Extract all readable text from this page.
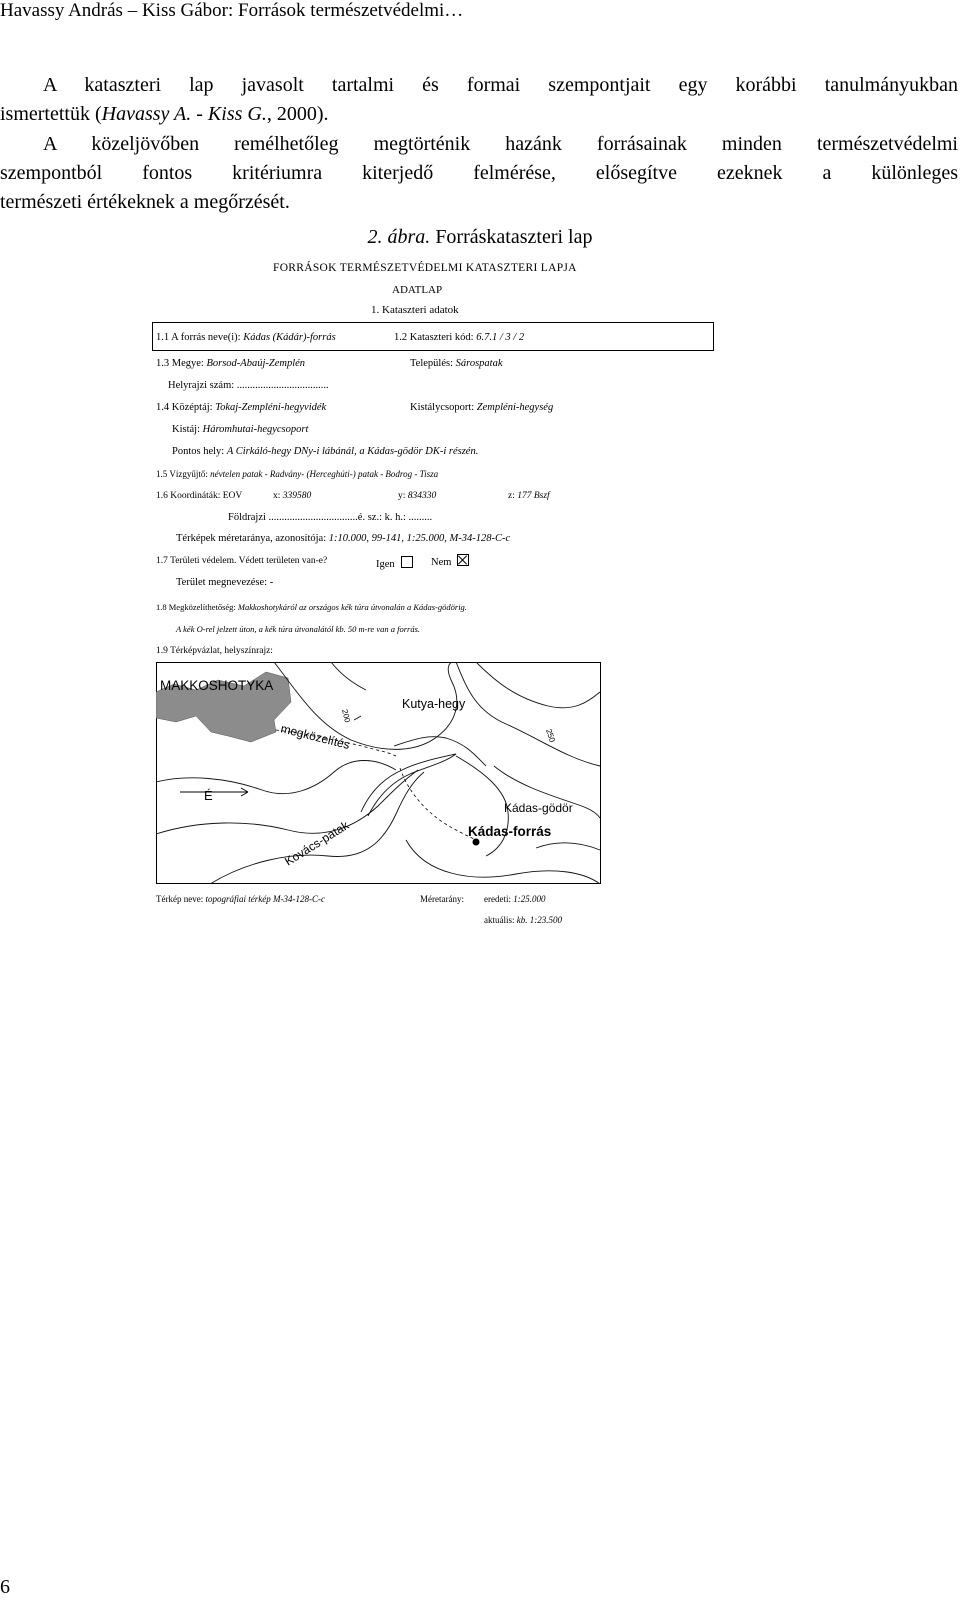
Havassy András – Kiss Gábor: Források természetvédelmi…
A kataszteri lap javasolt tartalmi és formai szempontjait egy korábbi tanulmányukban
ismertettük (Havassy A. - Kiss G., 2000).
A közeljövőben remélhetőleg megtörténik hazánk forrásainak minden természetvédelmi
szempontból fontos kritériumra kiterjedő felmérése, elősegítve ezeknek a különleges
természeti értékeknek a megőrzését.
2. ábra. Forráskataszteri lap
FORRÁSOK TERMÉSZETVÉDELMI KATASZTERI LAPJA
ADATLAP
1. Kataszteri adatok
1.1 A forrás neve(i): Kádas (Kádár)-forrás	1.2 Kataszteri kód: 6.7.1 / 3 / 2
1.3 Megye: Borsod-Abaúj-Zemplén	Település: Sárospatak
Helyrajzi szám: ...................................
1.4 Középtáj: Tokaj-Zempléni-hegyvidék	Kistálycsoport: Zempléni-hegység
Kistáj: Háromhutai-hegycsoport
Pontos hely: A Cirkáló-hegy DNy-i lábánál, a Kádas-gödör DK-i részén.
1.5 Vízgyűjtő: névtelen patak - Radvány- (Herceghúti-) patak - Bodrog - Tisza
1.6 Koordináták: EOV	x: 339580	y: 834330	z: 177 Bszf
Földrajzi ..................................é. sz.: k. h.: .........
Térképek méretaránya, azonosítója: 1:10.000, 99-141, 1:25.000, M-34-128-C-c
1.7 Területi védelem. Védett területen van-e?	Igen	Nem
Terület megnevezése: -
1.8 Megközelíthetőség: Makkoshotykáról az országos kék túra útvonalán a Kádas-gödörig.
A kék O-rel jelzett úton, a kék túra útvonalától kb. 50 m-re van a forrás.
1.9 Térképvázlat, helyszínrajz:
MAKKOSHOTYKA
Kutya-hegy
megközelítés
É
Kádas-gödör
Kádas-forrás
Kovács-patak
200
250
Térkép neve: topográfiai térkép M-34-128-C-c	Méretarány: eredeti: 1:25.000
aktuális: kb. 1:23.500
6
